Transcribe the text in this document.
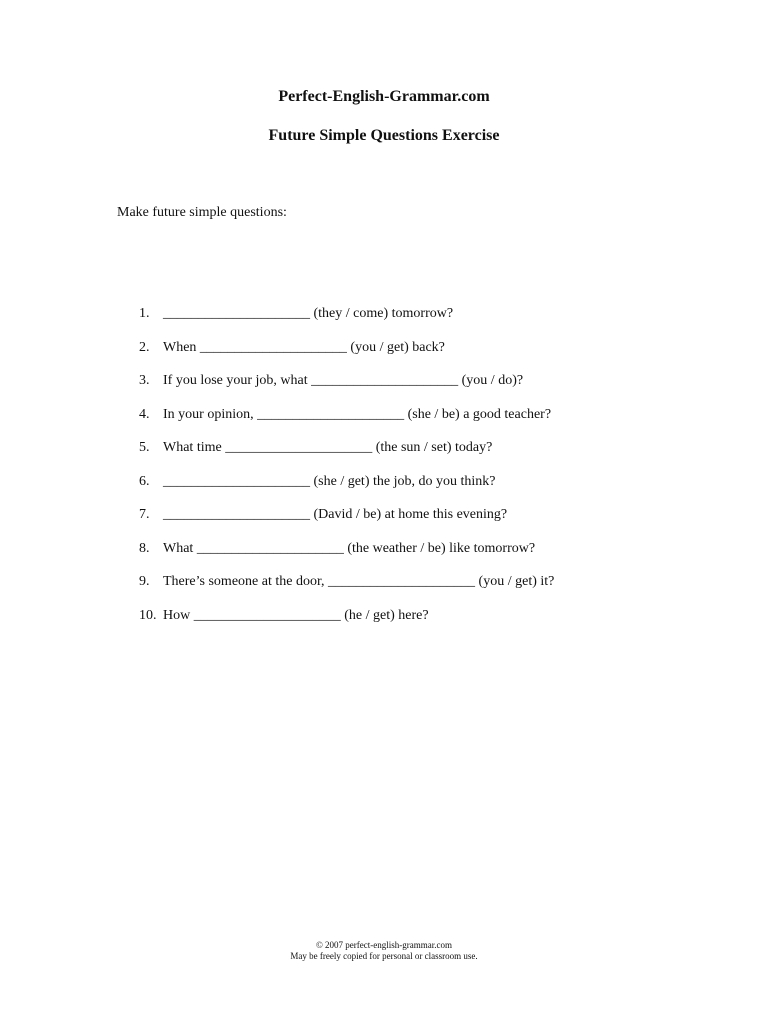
Perfect-English-Grammar.com
Future Simple Questions Exercise

Make future simple questions:

1. _____________________ (they / come) tomorrow?
2. When _____________________ (you / get) back?
3. If you lose your job, what _____________________ (you / do)?
4. In your opinion, _____________________ (she / be) a good teacher?
5. What time _____________________ (the sun / set) today?
6. _____________________ (she / get) the job, do you think?
7. _____________________ (David / be) at home this evening?
8. What _____________________ (the weather / be) like tomorrow?
9. There’s someone at the door, _____________________ (you / get) it?
10. How _____________________ (he / get) here?
© 2007 perfect-english-grammar.com
May be freely copied for personal or classroom use.
